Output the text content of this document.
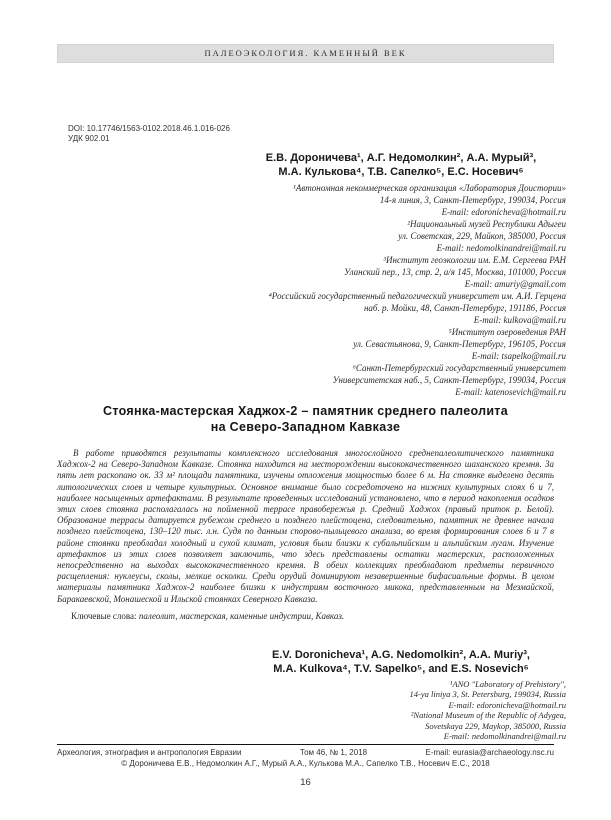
ПАЛЕОЭКОЛОГИЯ. КАМЕННЫЙ ВЕК
DOI: 10.17746/1563-0102.2018.46.1.016-026
УДК 902.01
Е.В. Дороничева¹, А.Г. Недомолкин², А.А. Мурый³,
М.А. Кулькова⁴, Т.В. Сапелко⁵, Е.С. Носевич⁶
¹Автономная некоммерческая организация «Лаборатория Доистории»
14-я линия, 3, Санкт-Петербург, 199034, Россия
E-mail: edoronicheva@hotmail.ru
²Национальный музей Республики Адыгеи
ул. Советская, 229, Майкоп, 385000, Россия
E-mail: nedomolkinandrei@mail.ru
³Институт геоэкологии им. Е.М. Сергеева РАН
Уланский пер., 13, стр. 2, а/я 145, Москва, 101000, Россия
E-mail: amuriy@gmail.com
⁴Российский государственный педагогический университет им. А.И. Герцена
наб. р. Мойки, 48, Санкт-Петербург, 191186, Россия
E-mail: kulkova@mail.ru
⁵Институт озероведения РАН
ул. Севастьянова, 9, Санкт-Петербург, 196105, Россия
E-mail: tsapelko@mail.ru
⁶Санкт-Петербургский государственный университет
Университетская наб., 5, Санкт-Петербург, 199034, Россия
E-mail: katenosevich@mail.ru
Стоянка-мастерская Хаджох-2 – памятник среднего палеолита
на Северо-Западном Кавказе

В работе приводятся результаты комплексного исследования многослойного среднепалеолитического памятника Хаджох-2 на Северо-Западном Кавказе. Стоянка находится на месторождении высококачественного шаханского кремня. За пять лет раскопано ок. 33 м² площади памятника, изучены отложения мощностью более 6 м. На стоянке выделено десять литологических слоев и четыре культурных. Основное внимание было сосредоточено на нижних культурных слоях 6 и 7, наиболее насыщенных артефактами. В результате проведенных исследований установлено, что в период накопления осадков этих слоев стоянка располагалась на пойменной террасе правобережья р. Средний Хаджох (правый приток р. Белой). Образование террасы датируется рубежом среднего и позднего плейстоцена, следовательно, памятник не древнее начала позднего плейстоцена, 130–120 тыс. л.н. Судя по данным спорово-пыльцевого анализа, во время формирования слоев 6 и 7 в районе стоянки преобладал холодный и сухой климат, условия были близки к субальпийским и альпийским лугам. Изучение артефактов из этих слоев позволяет заключить, что здесь представлены остатки мастерских, расположенных непосредственно на выходах высококачественного кремня. В обеих коллекциях преобладают предметы первичного расщепления: нуклеусы, сколы, мелкие осколки. Среди орудий доминируют незавершенные бифасиальные формы. В целом материалы памятника Хаджох-2 наиболее близки к индустриям восточного микока, представленным на Мезмайской, Баракаевской, Монашеской и Ильской стоянках Северного Кавказа.

Ключевые слова: палеолит, мастерская, каменные индустрии, Кавказ.

E.V. Doronicheva¹, A.G. Nedomolkin², A.A. Muriy³,
M.A. Kulkova⁴, T.V. Sapelko⁵, and E.S. Nosevich⁶
¹ANO "Laboratory of Prehistory",
14-ya liniya 3, St. Petersburg, 199034, Russia
E-mail: edoronicheva@hotmail.ru
²National Museum of the Republic of Adygea,
Sovetskaya 229, Maykop, 385000, Russia
E-mail: nedomolkinandrei@mail.ru
Археология, этнография и антропология Евразии	Том 46, № 1, 2018	E-mail: eurasia@archaeology.nsc.ru
© Дороничева Е.В., Недомолкин А.Г., Мурый А.А., Кулькова М.А., Сапелко Т.В., Носевич Е.С., 2018
16
